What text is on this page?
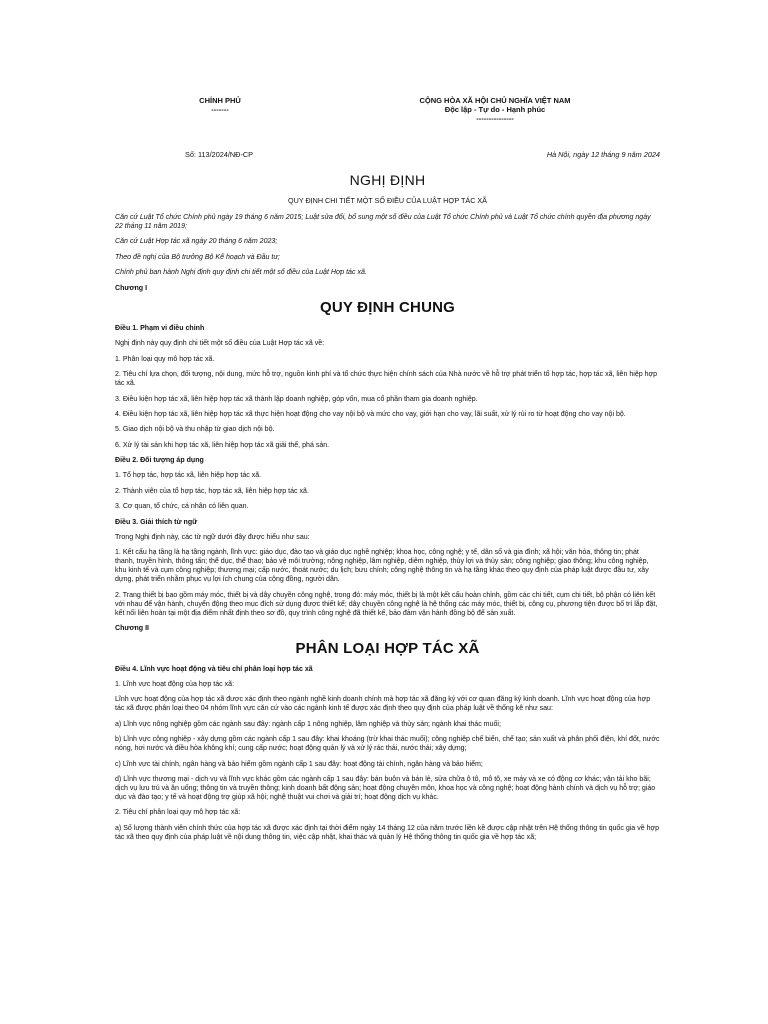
CHÍNH PHỦ
-------
CỘNG HÒA XÃ HỘI CHỦ NGHĨA VIỆT NAM
Độc lập - Tự do - Hạnh phúc
---------------
Số: 113/2024/NĐ-CP	Hà Nội, ngày 12 tháng 9 năm 2024
NGHỊ ĐỊNH
QUY ĐỊNH CHI TIẾT MỘT SỐ ĐIỀU CỦA LUẬT HỢP TÁC XÃ

Căn cứ Luật Tổ chức Chính phủ ngày 19 tháng 6 năm 2015; Luật sửa đổi, bổ sung một số điều của Luật Tổ chức Chính phủ và Luật Tổ chức chính quyền địa phương ngày 22 tháng 11 năm 2019;

Căn cứ Luật Hợp tác xã ngày 20 tháng 6 năm 2023;

Theo đề nghị của Bộ trưởng Bộ Kế hoạch và Đầu tư;

Chính phủ ban hành Nghị định quy định chi tiết một số điều của Luật Hợp tác xã.

Chương I

QUY ĐỊNH CHUNG

Điều 1. Phạm vi điều chỉnh

Nghị định này quy định chi tiết một số điều của Luật Hợp tác xã về:

1. Phân loại quy mô hợp tác xã.

2. Tiêu chí lựa chọn, đối tượng, nội dung, mức hỗ trợ, nguồn kinh phí và tổ chức thực hiện chính sách của Nhà nước về hỗ trợ phát triển tổ hợp tác, hợp tác xã, liên hiệp hợp tác xã.

3. Điều kiện hợp tác xã, liên hiệp hợp tác xã thành lập doanh nghiệp, góp vốn, mua cổ phần tham gia doanh nghiệp.

4. Điều kiện hợp tác xã, liên hiệp hợp tác xã thực hiện hoạt động cho vay nội bộ và mức cho vay, giới hạn cho vay, lãi suất, xử lý rủi ro từ hoạt động cho vay nội bộ.

5. Giao dịch nội bộ và thu nhập từ giao dịch nội bộ.

6. Xử lý tài sản khi hợp tác xã, liên hiệp hợp tác xã giải thể, phá sản.

Điều 2. Đối tượng áp dụng

1. Tổ hợp tác, hợp tác xã, liên hiệp hợp tác xã.

2. Thành viên của tổ hợp tác, hợp tác xã, liên hiệp hợp tác xã.

3. Cơ quan, tổ chức, cá nhân có liên quan.

Điều 3. Giải thích từ ngữ

Trong Nghị định này, các từ ngữ dưới đây được hiểu như sau:

1. Kết cấu hạ tầng là hạ tầng ngành, lĩnh vực: giáo dục, đào tạo và giáo dục nghề nghiệp; khoa học, công nghệ; y tế, dân số và gia đình; xã hội; văn hóa, thông tin; phát thanh, truyền hình, thông tấn; thể dục, thể thao; bảo vệ môi trường; nông nghiệp, lâm nghiệp, diêm nghiệp, thủy lợi và thủy sản; công nghiệp; giao thông; khu công nghiệp, khu kinh tế và cụm công nghiệp; thương mại; cấp nước, thoát nước; du lịch; bưu chính; công nghệ thông tin và hạ tầng khác theo quy định của pháp luật được đầu tư, xây dựng, phát triển nhằm phục vụ lợi ích chung của cộng đồng, người dân.

2. Trang thiết bị bao gồm máy móc, thiết bị và dây chuyền công nghệ, trong đó: máy móc, thiết bị là một kết cấu hoàn chỉnh, gồm các chi tiết, cụm chi tiết, bộ phận có liên kết với nhau để vận hành, chuyển động theo mục đích sử dụng được thiết kế; dây chuyền công nghệ là hệ thống các máy móc, thiết bị, công cụ, phương tiện được bố trí lắp đặt, kết nối liên hoàn tại một địa điểm nhất định theo sơ đồ, quy trình công nghệ đã thiết kế, bảo đảm vận hành đồng bộ để sản xuất.

Chương II

PHÂN LOẠI HỢP TÁC XÃ

Điều 4. Lĩnh vực hoạt động và tiêu chí phân loại hợp tác xã

1. Lĩnh vực hoạt động của hợp tác xã:

Lĩnh vực hoạt động của hợp tác xã được xác định theo ngành nghề kinh doanh chính mà hợp tác xã đăng ký với cơ quan đăng ký kinh doanh. Lĩnh vực hoạt động của hợp tác xã được phân loại theo 04 nhóm lĩnh vực căn cứ vào các ngành kinh tế được xác định theo quy định của pháp luật về thống kê như sau:

a) Lĩnh vực nông nghiệp gồm các ngành sau đây: ngành cấp 1 nông nghiệp, lâm nghiệp và thủy sản; ngành khai thác muối;

b) Lĩnh vực công nghiệp - xây dựng gồm các ngành cấp 1 sau đây: khai khoáng (trừ khai thác muối); công nghiệp chế biến, chế tạo; sản xuất và phân phối điện, khí đốt, nước nóng, hơi nước và điều hòa không khí; cung cấp nước; hoạt động quản lý và xử lý rác thải, nước thải; xây dựng;

c) Lĩnh vực tài chính, ngân hàng và bảo hiểm gồm ngành cấp 1 sau đây: hoạt động tài chính, ngân hàng và bảo hiểm;

d) Lĩnh vực thương mại - dịch vụ và lĩnh vực khác gồm các ngành cấp 1 sau đây: bán buôn và bán lẻ, sửa chữa ô tô, mô tô, xe máy và xe có động cơ khác; vận tải kho bãi; dịch vụ lưu trú và ăn uống; thông tin và truyền thông; kinh doanh bất động sản; hoạt động chuyên môn, khoa học và công nghệ; hoạt động hành chính và dịch vụ hỗ trợ; giáo dục và đào tạo; y tế và hoạt động trợ giúp xã hội; nghệ thuật vui chơi và giải trí; hoạt động dịch vụ khác.

2. Tiêu chí phân loại quy mô hợp tác xã:

a) Số lượng thành viên chính thức của hợp tác xã được xác định tại thời điểm ngày 14 tháng 12 của năm trước liền kề được cập nhật trên Hệ thống thông tin quốc gia về hợp tác xã theo quy định của pháp luật về nội dung thông tin, việc cập nhật, khai thác và quản lý Hệ thống thông tin quốc gia về hợp tác xã;
